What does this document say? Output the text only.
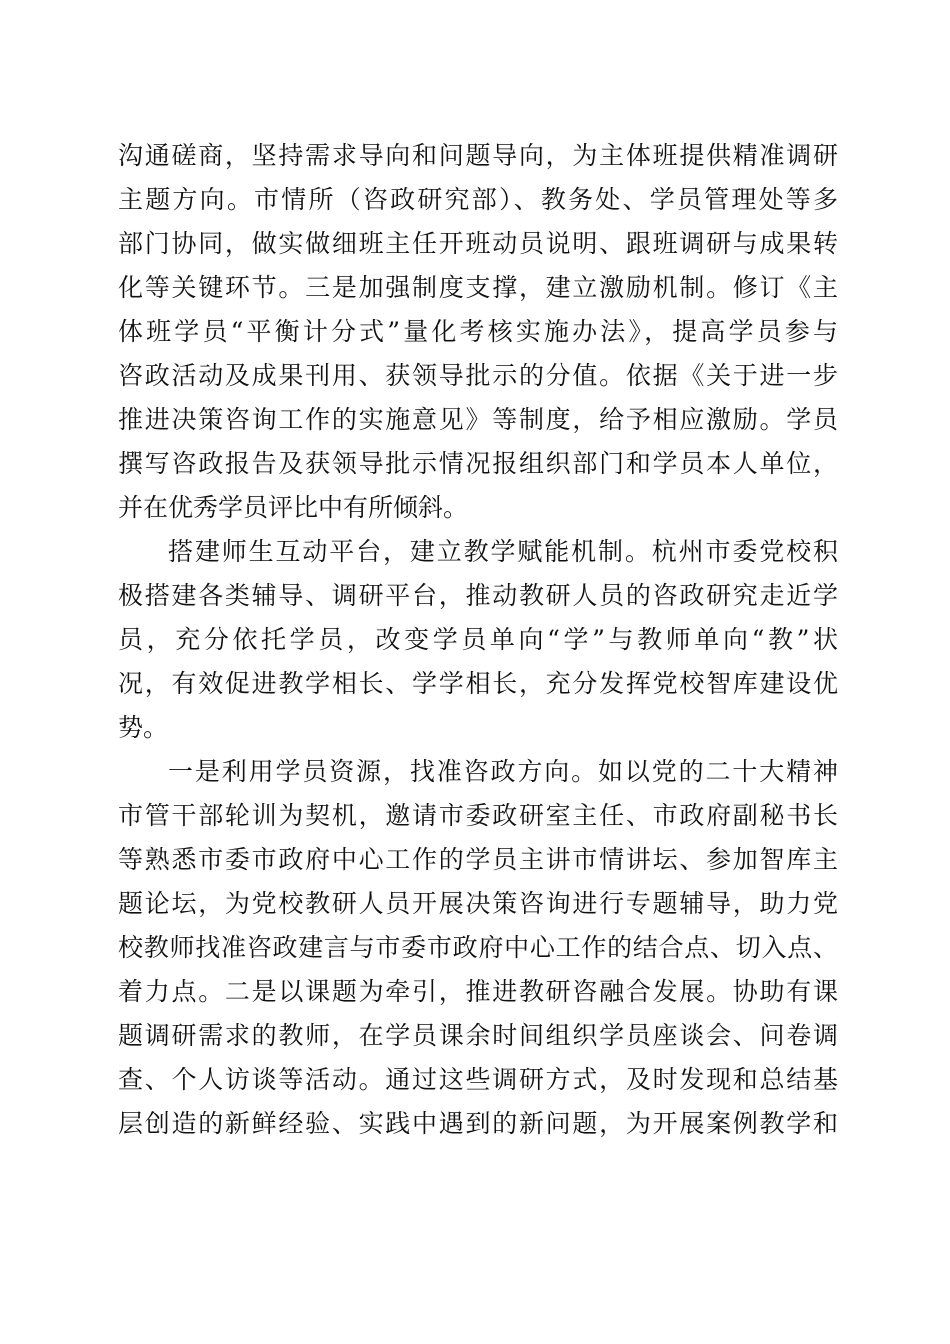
沟通磋商，坚持需求导向和问题导向，为主体班提供精准调研
主题方向。市情所（咨政研究部）、教务处、学员管理处等多
部门协同，做实做细班主任开班动员说明、跟班调研与成果转
化等关键环节。三是加强制度支撑，建立激励机制。修订《主
体班学员“平衡计分式”量化考核实施办法》，提高学员参与
咨政活动及成果刊用、获领导批示的分值。依据《关于进一步
推进决策咨询工作的实施意见》等制度，给予相应激励。学员
撰写咨政报告及获领导批示情况报组织部门和学员本人单位，
并在优秀学员评比中有所倾斜。
搭建师生互动平台，建立教学赋能机制。杭州市委党校积
极搭建各类辅导、调研平台，推动教研人员的咨政研究走近学
员，充分依托学员，改变学员单向“学”与教师单向“教”状
况，有效促进教学相长、学学相长，充分发挥党校智库建设优
势。
一是利用学员资源，找准咨政方向。如以党的二十大精神
市管干部轮训为契机，邀请市委政研室主任、市政府副秘书长
等熟悉市委市政府中心工作的学员主讲市情讲坛、参加智库主
题论坛，为党校教研人员开展决策咨询进行专题辅导，助力党
校教师找准咨政建言与市委市政府中心工作的结合点、切入点、
着力点。二是以课题为牵引，推进教研咨融合发展。协助有课
题调研需求的教师，在学员课余时间组织学员座谈会、问卷调
查、个人访谈等活动。通过这些调研方式，及时发现和总结基
层创造的新鲜经验、实践中遇到的新问题，为开展案例教学和
